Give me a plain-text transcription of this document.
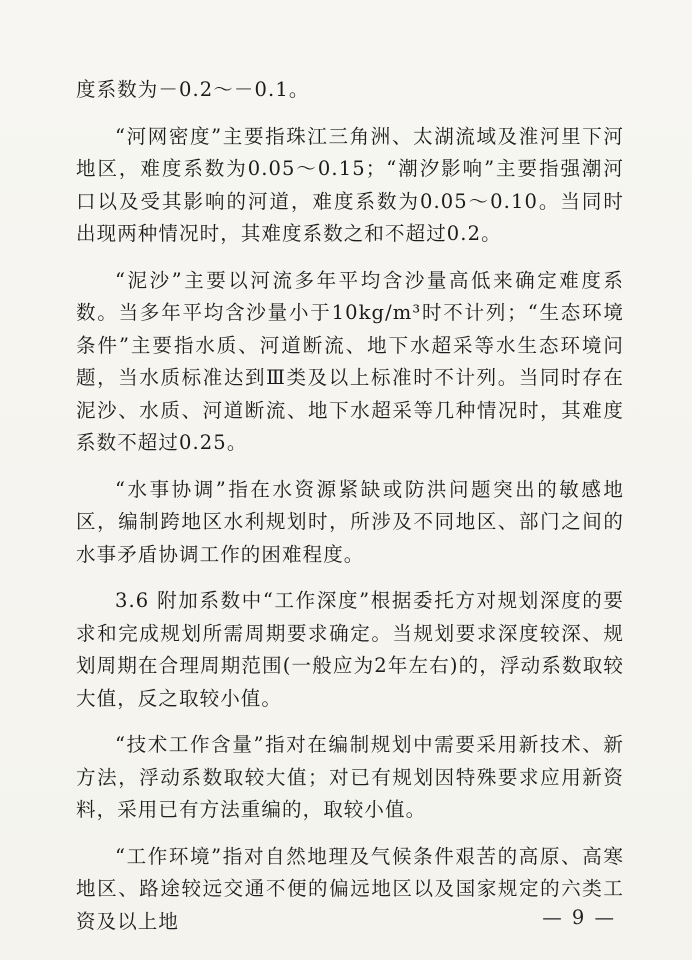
度系数为－0.2～－0.1。

“河网密度”主要指珠江三角洲、太湖流域及淮河里下河地区，难度系数为0.05～0.15；“潮汐影响”主要指强潮河口以及受其影响的河道，难度系数为0.05～0.10。当同时出现两种情况时，其难度系数之和不超过0.2。

“泥沙”主要以河流多年平均含沙量高低来确定难度系数。当多年平均含沙量小于10kg/m³时不计列；“生态环境条件”主要指水质、河道断流、地下水超采等水生态环境问题，当水质标准达到Ⅲ类及以上标准时不计列。当同时存在泥沙、水质、河道断流、地下水超采等几种情况时，其难度系数不超过0.25。

“水事协调”指在水资源紧缺或防洪问题突出的敏感地区，编制跨地区水利规划时，所涉及不同地区、部门之间的水事矛盾协调工作的困难程度。

3.6 附加系数中“工作深度”根据委托方对规划深度的要求和完成规划所需周期要求确定。当规划要求深度较深、规划周期在合理周期范围(一般应为2年左右)的，浮动系数取较大值，反之取较小值。

“技术工作含量”指对在编制规划中需要采用新技术、新方法，浮动系数取较大值；对已有规划因特殊要求应用新资料，采用已有方法重编的，取较小值。

“工作环境”指对自然地理及气候条件艰苦的高原、高寒地区、路途较远交通不便的偏远地区以及国家规定的六类工资及以上地	— 9 —
